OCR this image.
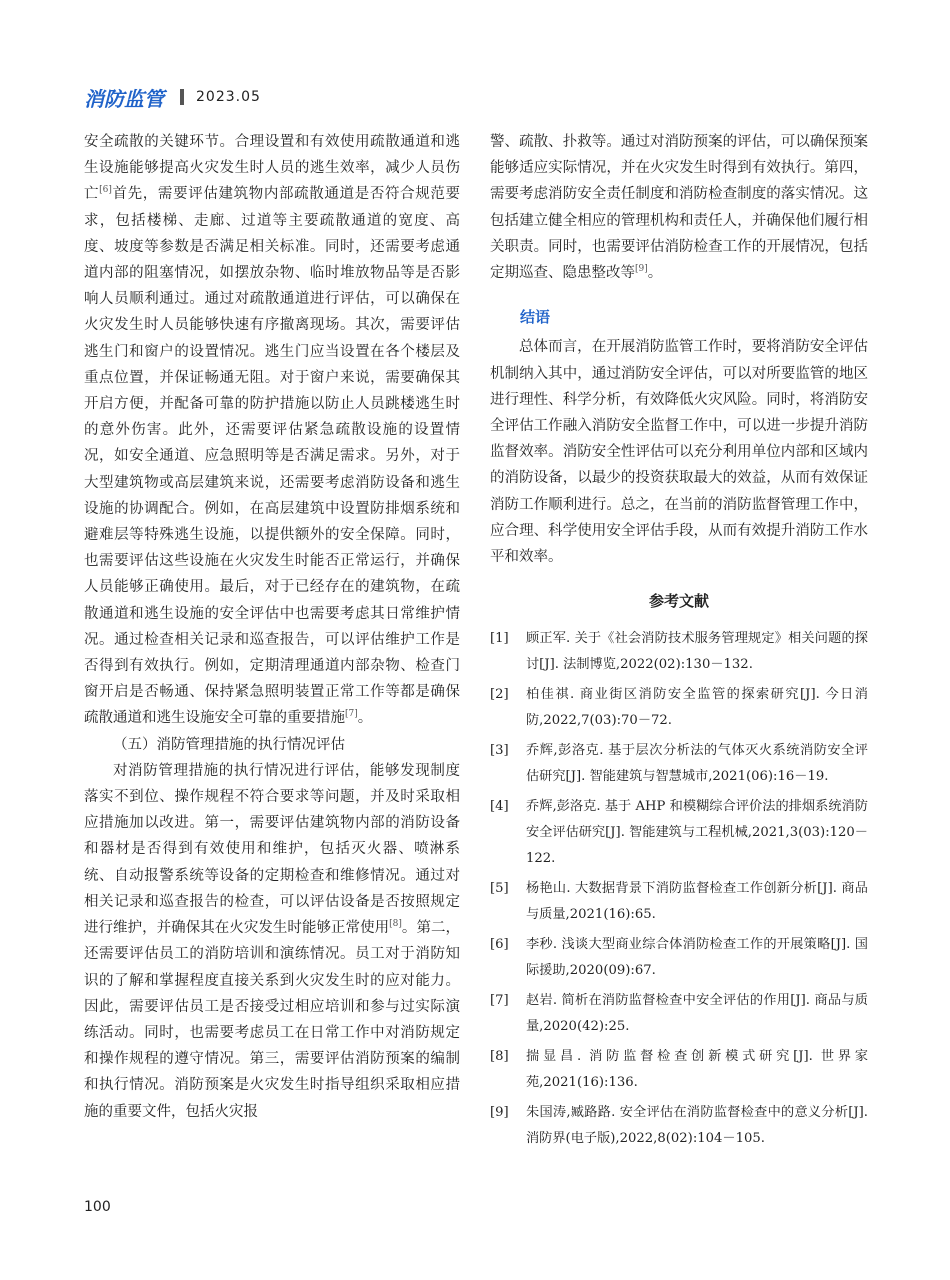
消防监管 2023.05

安全疏散的关键环节。合理设置和有效使用疏散通道和逃生设施能够提高火灾发生时人员的逃生效率，减少人员伤亡[6]首先，需要评估建筑物内部疏散通道是否符合规范要求，包括楼梯、走廊、过道等主要疏散通道的宽度、高度、坡度等参数是否满足相关标准。同时，还需要考虑通道内部的阻塞情况，如摆放杂物、临时堆放物品等是否影响人员顺利通过。通过对疏散通道进行评估，可以确保在火灾发生时人员能够快速有序撤离现场。其次，需要评估逃生门和窗户的设置情况。逃生门应当设置在各个楼层及重点位置，并保证畅通无阻。对于窗户来说，需要确保其开启方便，并配备可靠的防护措施以防止人员跳楼逃生时的意外伤害。此外，还需要评估紧急疏散设施的设置情况，如安全通道、应急照明等是否满足需求。另外，对于大型建筑物或高层建筑来说，还需要考虑消防设备和逃生设施的协调配合。例如，在高层建筑中设置防排烟系统和避难层等特殊逃生设施，以提供额外的安全保障。同时，也需要评估这些设施在火灾发生时能否正常运行，并确保人员能够正确使用。最后，对于已经存在的建筑物，在疏散通道和逃生设施的安全评估中也需要考虑其日常维护情况。通过检查相关记录和巡查报告，可以评估维护工作是否得到有效执行。例如，定期清理通道内部杂物、检查门窗开启是否畅通、保持紧急照明装置正常工作等都是确保疏散通道和逃生设施安全可靠的重要措施[7]。

（五）消防管理措施的执行情况评估

对消防管理措施的执行情况进行评估，能够发现制度落实不到位、操作规程不符合要求等问题，并及时采取相应措施加以改进。第一，需要评估建筑物内部的消防设备和器材是否得到有效使用和维护，包括灭火器、喷淋系统、自动报警系统等设备的定期检查和维修情况。通过对相关记录和巡查报告的检查，可以评估设备是否按照规定进行维护，并确保其在火灾发生时能够正常使用[8]。第二，还需要评估员工的消防培训和演练情况。员工对于消防知识的了解和掌握程度直接关系到火灾发生时的应对能力。因此，需要评估员工是否接受过相应培训和参与过实际演练活动。同时，也需要考虑员工在日常工作中对消防规定和操作规程的遵守情况。第三，需要评估消防预案的编制和执行情况。消防预案是火灾发生时指导组织采取相应措施的重要文件，包括火灾报

警、疏散、扑救等。通过对消防预案的评估，可以确保预案能够适应实际情况，并在火灾发生时得到有效执行。第四，需要考虑消防安全责任制度和消防检查制度的落实情况。这包括建立健全相应的管理机构和责任人，并确保他们履行相关职责。同时，也需要评估消防检查工作的开展情况，包括定期巡查、隐患整改等[9]。

结语

总体而言，在开展消防监管工作时，要将消防安全评估机制纳入其中，通过消防安全评估，可以对所要监管的地区进行理性、科学分析，有效降低火灾风险。同时，将消防安全评估工作融入消防安全监督工作中，可以进一步提升消防监督效率。消防安全性评估可以充分利用单位内部和区域内的消防设备，以最少的投资获取最大的效益，从而有效保证消防工作顺利进行。总之，在当前的消防监督管理工作中，应合理、科学使用安全评估手段，从而有效提升消防工作水平和效率。

参考文献
[1]	顾正军. 关于《社会消防技术服务管理规定》相关问题的探讨[J]. 法制博览,2022(02):130－132.
[2]	柏佳祺. 商业街区消防安全监管的探索研究[J]. 今日消防,2022,7(03):70－72.
[3]	乔辉,彭洛克. 基于层次分析法的气体灭火系统消防安全评估研究[J]. 智能建筑与智慧城市,2021(06):16－19.
[4]	乔辉,彭洛克. 基于 AHP 和模糊综合评价法的排烟系统消防安全评估研究[J]. 智能建筑与工程机械,2021,3(03):120－122.
[5]	杨艳山. 大数据背景下消防监督检查工作创新分析[J]. 商品与质量,2021(16):65.
[6]	李秒. 浅谈大型商业综合体消防检查工作的开展策略[J]. 国际援助,2020(09):67.
[7]	赵岩. 简析在消防监督检查中安全评估的作用[J]. 商品与质量,2020(42):25.
[8]	揣显昌. 消防监督检查创新模式研究[J]. 世界家苑,2021(16):136.
[9]	朱国涛,臧路路. 安全评估在消防监督检查中的意义分析[J]. 消防界(电子版),2022,8(02):104－105.
100
